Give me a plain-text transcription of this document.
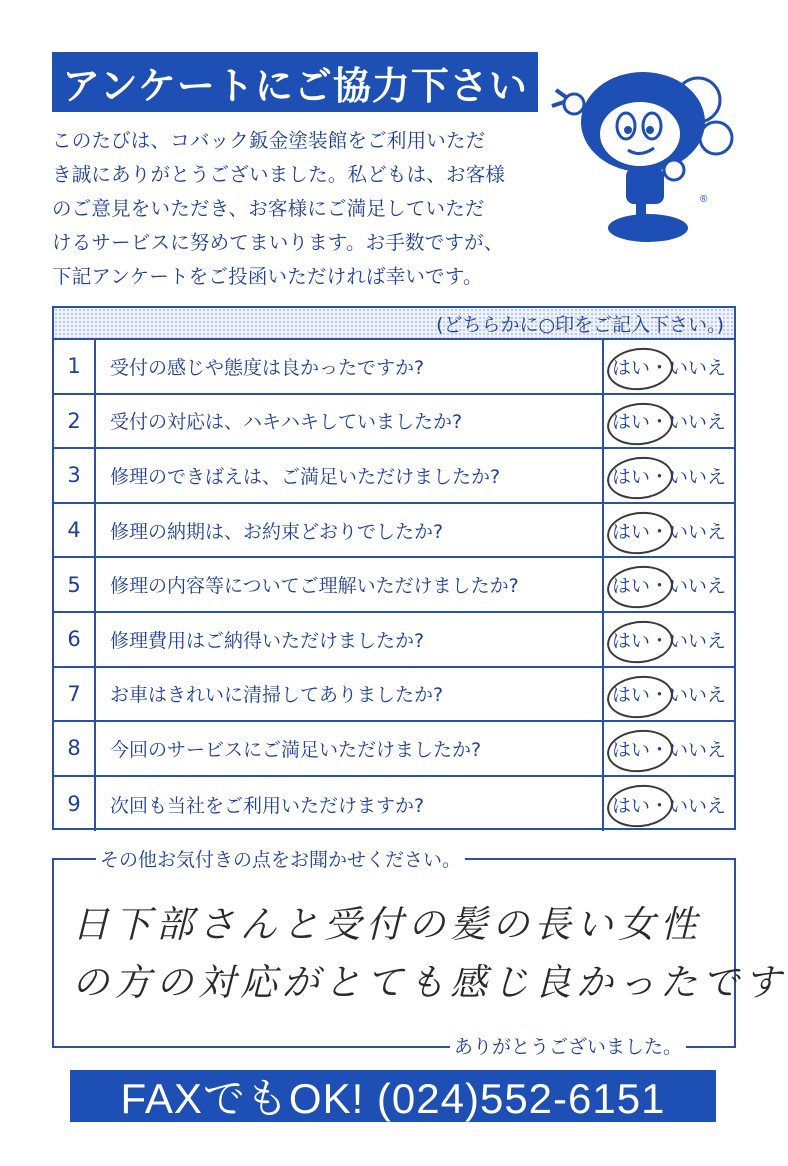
アンケートにご協力下さい
このたびは、コバック鈑金塗装館をご利用いただ
き誠にありがとうございました。私どもは、お客様
のご意見をいただき、お客様にご満足していただ
けるサービスに努めてまいります。お手数ですが、
下記アンケートをご投函いただければ幸いです。
®
(どちらかに○印をご記入下さい。)
1	受付の感じや態度は良かったですか?	はい・いいえ
2	受付の対応は、ハキハキしていましたか?	はい・いいえ
3	修理のできばえは、ご満足いただけましたか?	はい・いいえ
4	修理の納期は、お約束どおりでしたか?	はい・いいえ
5	修理の内容等についてご理解いただけましたか?	はい・いいえ
6	修理費用はご納得いただけましたか?	はい・いいえ
7	お車はきれいに清掃してありましたか?	はい・いいえ
8	今回のサービスにご満足いただけましたか?	はい・いいえ
9	次回も当社をご利用いただけますか?	はい・いいえ
その他お気付きの点をお聞かせください。
日下部さんと受付の髪の長い女性
の方の対応がとても感じ良かったです
ありがとうございました。
FAXでもOK! (024)552-6151
